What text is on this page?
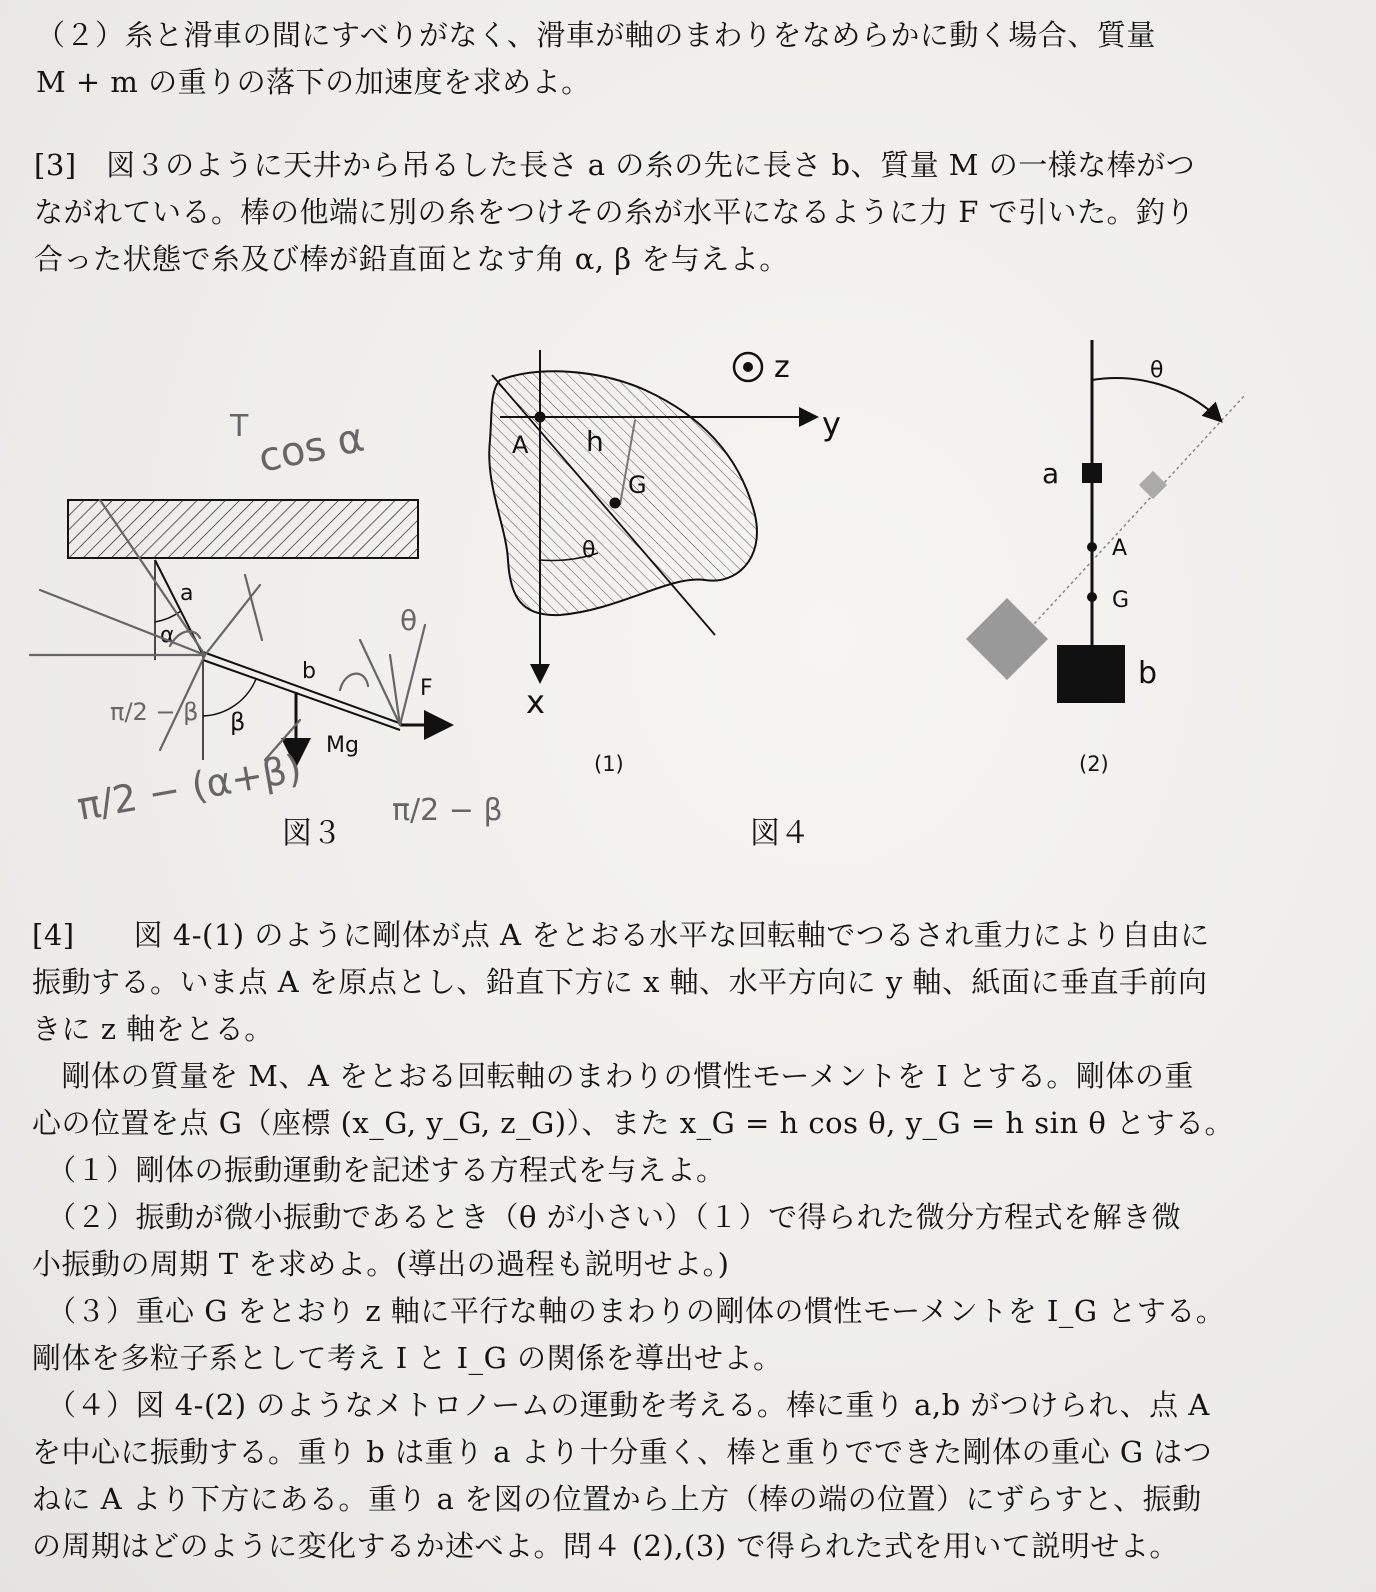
（２）糸と滑車の間にすべりがなく、滑車が軸のまわりをなめらかに動く場合、質量
M + m の重りの落下の加速度を求めよ。
[3]　図３のように天井から吊るした長さ a の糸の先に長さ b、質量 M の一様な棒がつ
ながれている。棒の他端に別の糸をつけその糸が水平になるように力 F で引いた。釣り
合った状態で糸及び棒が鉛直面となす角 α, β を与えよ。
a
α
b
β
F
Mg
cos α
T
π/2 − β
π/2 − (α+β)	π/2 − β
θ
図３
z
y
x
A h
G
θ
(1)
θ
a
A
G
b
(2)
図４
[4]　　図 4-(1) のように剛体が点 A をとおる水平な回転軸でつるされ重力により自由に
振動する。いま点 A を原点とし、鉛直下方に x 軸、水平方向に y 軸、紙面に垂直手前向
きに z 軸をとる。
　剛体の質量を M、A をとおる回転軸のまわりの慣性モーメントを I とする。剛体の重
心の位置を点 G（座標 (x_G, y_G, z_G)）、また x_G = h cos θ, y_G = h sin θ とする。
　（１）剛体の振動運動を記述する方程式を与えよ。
　（２）振動が微小振動であるとき（θ が小さい）（１）で得られた微分方程式を解き微
小振動の周期 T を求めよ。(導出の過程も説明せよ。)
　（３）重心 G をとおり z 軸に平行な軸のまわりの剛体の慣性モーメントを I_G とする。
剛体を多粒子系として考え I と I_G の関係を導出せよ。
　（４）図 4-(2) のようなメトロノームの運動を考える。棒に重り a,b がつけられ、点 A
を中心に振動する。重り b は重り a より十分重く、棒と重りでできた剛体の重心 G はつ
ねに A より下方にある。重り a を図の位置から上方（棒の端の位置）にずらすと、振動
の周期はどのように変化するか述べよ。問４ (2),(3) で得られた式を用いて説明せよ。
